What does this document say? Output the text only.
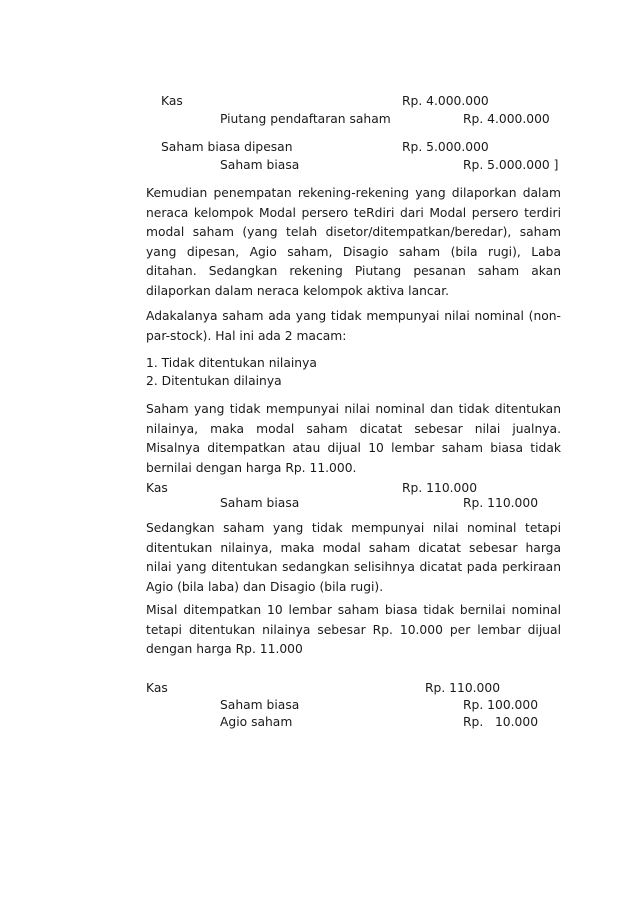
Kas	Rp. 4.000.000
Piutang pendaftaran saham	Rp. 4.000.000
Saham biasa dipesan	Rp. 5.000.000
Saham biasa	Rp. 5.000.000 ]

Kemudian penempatan rekening-rekening yang dilaporkan dalam neraca kelompok Modal persero teRdiri dari Modal persero terdiri modal saham (yang telah disetor/ditempatkan/beredar), saham yang dipesan, Agio saham, Disagio saham (bila rugi), Laba ditahan. Sedangkan rekening Piutang pesanan saham akan dilaporkan dalam neraca kelompok aktiva lancar.

Adakalanya saham ada yang tidak mempunyai nilai nominal (non-par-stock). Hal ini ada 2 macam:

1. Tidak ditentukan nilainya
2. Ditentukan dilainya

Saham yang tidak mempunyai nilai nominal dan tidak ditentukan nilainya, maka modal saham dicatat sebesar nilai jualnya. Misalnya ditempatkan atau dijual 10 lembar saham biasa tidak bernilai dengan harga Rp. 11.000.

Kas	Rp. 110.000
Saham biasa	Rp. 110.000

Sedangkan saham yang tidak mempunyai nilai nominal tetapi ditentukan nilainya, maka modal saham dicatat sebesar harga nilai yang ditentukan sedangkan selisihnya dicatat pada perkiraan Agio (bila laba) dan Disagio (bila rugi).

Misal ditempatkan 10 lembar saham biasa tidak bernilai nominal tetapi ditentukan nilainya sebesar Rp. 10.000 per lembar dijual dengan harga Rp. 11.000

Kas	Rp. 110.000
Saham biasa	Rp. 100.000
Agio saham	Rp.   10.000
